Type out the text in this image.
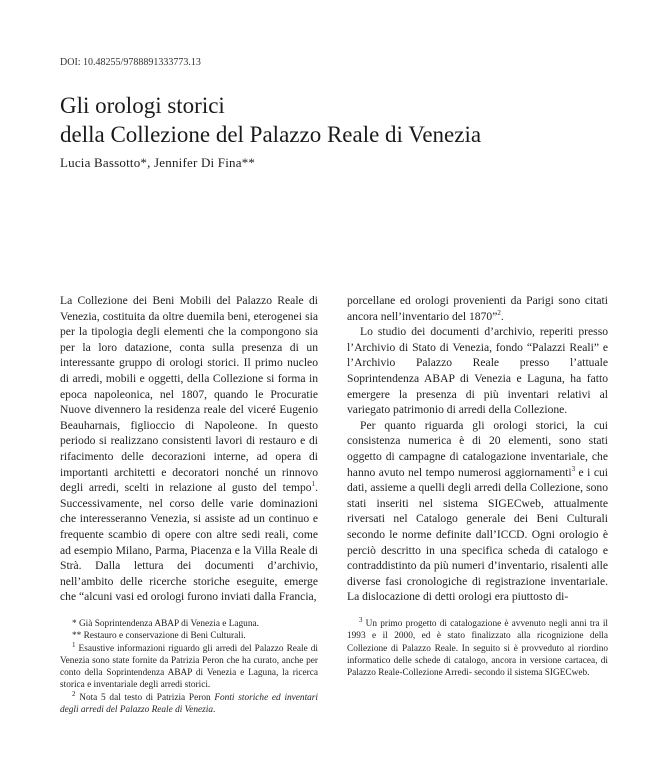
DOI: 10.48255/9788891333773.13
Gli orologi storici
della Collezione del Palazzo Reale di Venezia
Lucia Bassotto*, Jennifer Di Fina**

La Collezione dei Beni Mobili del Palazzo Reale di Venezia, costituita da oltre duemila beni, eterogenei sia per la tipologia degli elementi che la compongono sia per la loro datazione, conta sulla presenza di un interessante gruppo di orologi storici. Il primo nucleo di arredi, mobili e oggetti, della Collezione si forma in epoca napoleonica, nel 1807, quando le Procuratie Nuove divennero la residenza reale del viceré Eugenio Beauharnais, figlioccio di Napoleone. In questo periodo si realizzano consistenti lavori di restauro e di rifacimento delle decorazioni interne, ad opera di importanti architetti e decoratori nonché un rinnovo degli arredi, scelti in relazione al gusto del tempo$^1$. Successivamente, nel corso delle varie dominazioni che interesseranno Venezia, si assiste ad un continuo e frequente scambio di opere con altre sedi reali, come ad esempio Milano, Parma, Piacenza e la Villa Reale di Strà. Dalla lettura dei documenti d’archivio, nell’ambito delle ricerche storiche eseguite, emerge che “alcuni vasi ed orologi furono inviati dalla Francia,

porcellane ed orologi provenienti da Parigi sono citati ancora nell’inventario del 1870”$^2$.

Lo studio dei documenti d’archivio, reperiti presso l’Archivio di Stato di Venezia, fondo “Palazzi Reali” e l’Archivio Palazzo Reale presso l’attuale Soprintendenza ABAP di Venezia e Laguna, ha fatto emergere la presenza di più inventari relativi al variegato patrimonio di arredi della Collezione.

Per quanto riguarda gli orologi storici, la cui consistenza numerica è di 20 elementi, sono stati oggetto di campagne di catalogazione inventariale, che hanno avuto nel tempo numerosi aggiornamenti$^3$ e i cui dati, assieme a quelli degli arredi della Collezione, sono stati inseriti nel sistema SIGECweb, attualmente riversati nel Catalogo generale dei Beni Culturali secondo le norme definite dall’ICCD. Ogni orologio è perciò descritto in una specifica scheda di catalogo e contraddistinto da più numeri d’inventario, risalenti alle diverse fasi cronologiche di registrazione inventariale. La dislocazione di detti orologi era piuttosto di-

* Già Soprintendenza ABAP di Venezia e Laguna.

** Restauro e conservazione di Beni Culturali.

$^1$ Esaustive informazioni riguardo gli arredi del Palazzo Reale di Venezia sono state fornite da Patrizia Peron che ha curato, anche per conto della Soprintendenza ABAP di Venezia e Laguna, la ricerca storica e inventariale degli arredi storici.

$^2$ Nota 5 dal testo di Patrizia Peron Fonti storiche ed inventari degli arredi del Palazzo Reale di Venezia.

$^3$ Un primo progetto di catalogazione è avvenuto negli anni tra il 1993 e il 2000, ed è stato finalizzato alla ricognizione della Collezione di Palazzo Reale. In seguito si è provveduto al riordino informatico delle schede di catalogo, ancora in versione cartacea, di Palazzo Reale-Collezione Arredi- secondo il sistema SIGECweb.
